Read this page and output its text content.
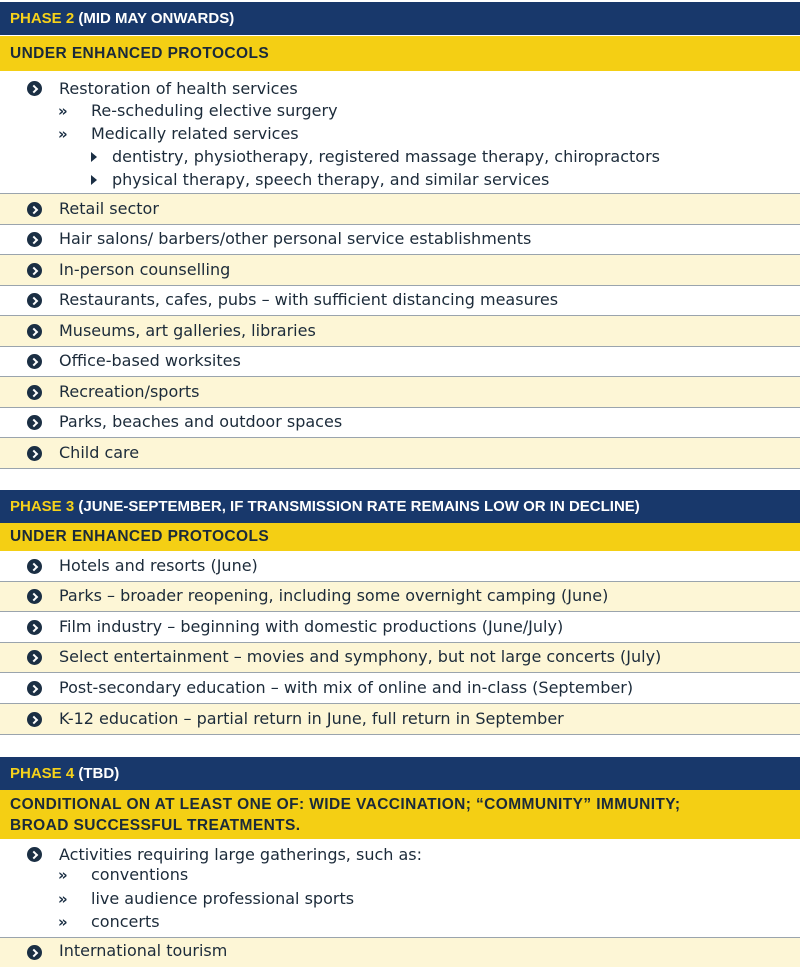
PHASE 2 (MID MAY ONWARDS)
UNDER ENHANCED PROTOCOLS
Restoration of health services
» Re-scheduling elective surgery
» Medically related services
dentistry, physiotherapy, registered massage therapy, chiropractors
physical therapy, speech therapy, and similar services
Retail sector
Hair salons/ barbers/other personal service establishments
In-person counselling
Restaurants, cafes, pubs – with sufficient distancing measures
Museums, art galleries, libraries
Office-based worksites
Recreation/sports
Parks, beaches and outdoor spaces
Child care
PHASE 3 (JUNE-SEPTEMBER, IF TRANSMISSION RATE REMAINS LOW OR IN DECLINE)
UNDER ENHANCED PROTOCOLS
Hotels and resorts (June)
Parks – broader reopening, including some overnight camping (June)
Film industry – beginning with domestic productions (June/July)
Select entertainment – movies and symphony, but not large concerts (July)
Post-secondary education – with mix of online and in-class (September)
K-12 education – partial return in June, full return in September
PHASE 4 (TBD)
CONDITIONAL ON AT LEAST ONE OF: WIDE VACCINATION; “COMMUNITY” IMMUNITY;
BROAD SUCCESSFUL TREATMENTS.
Activities requiring large gatherings, such as:
» conventions
» live audience professional sports
» concerts
International tourism
